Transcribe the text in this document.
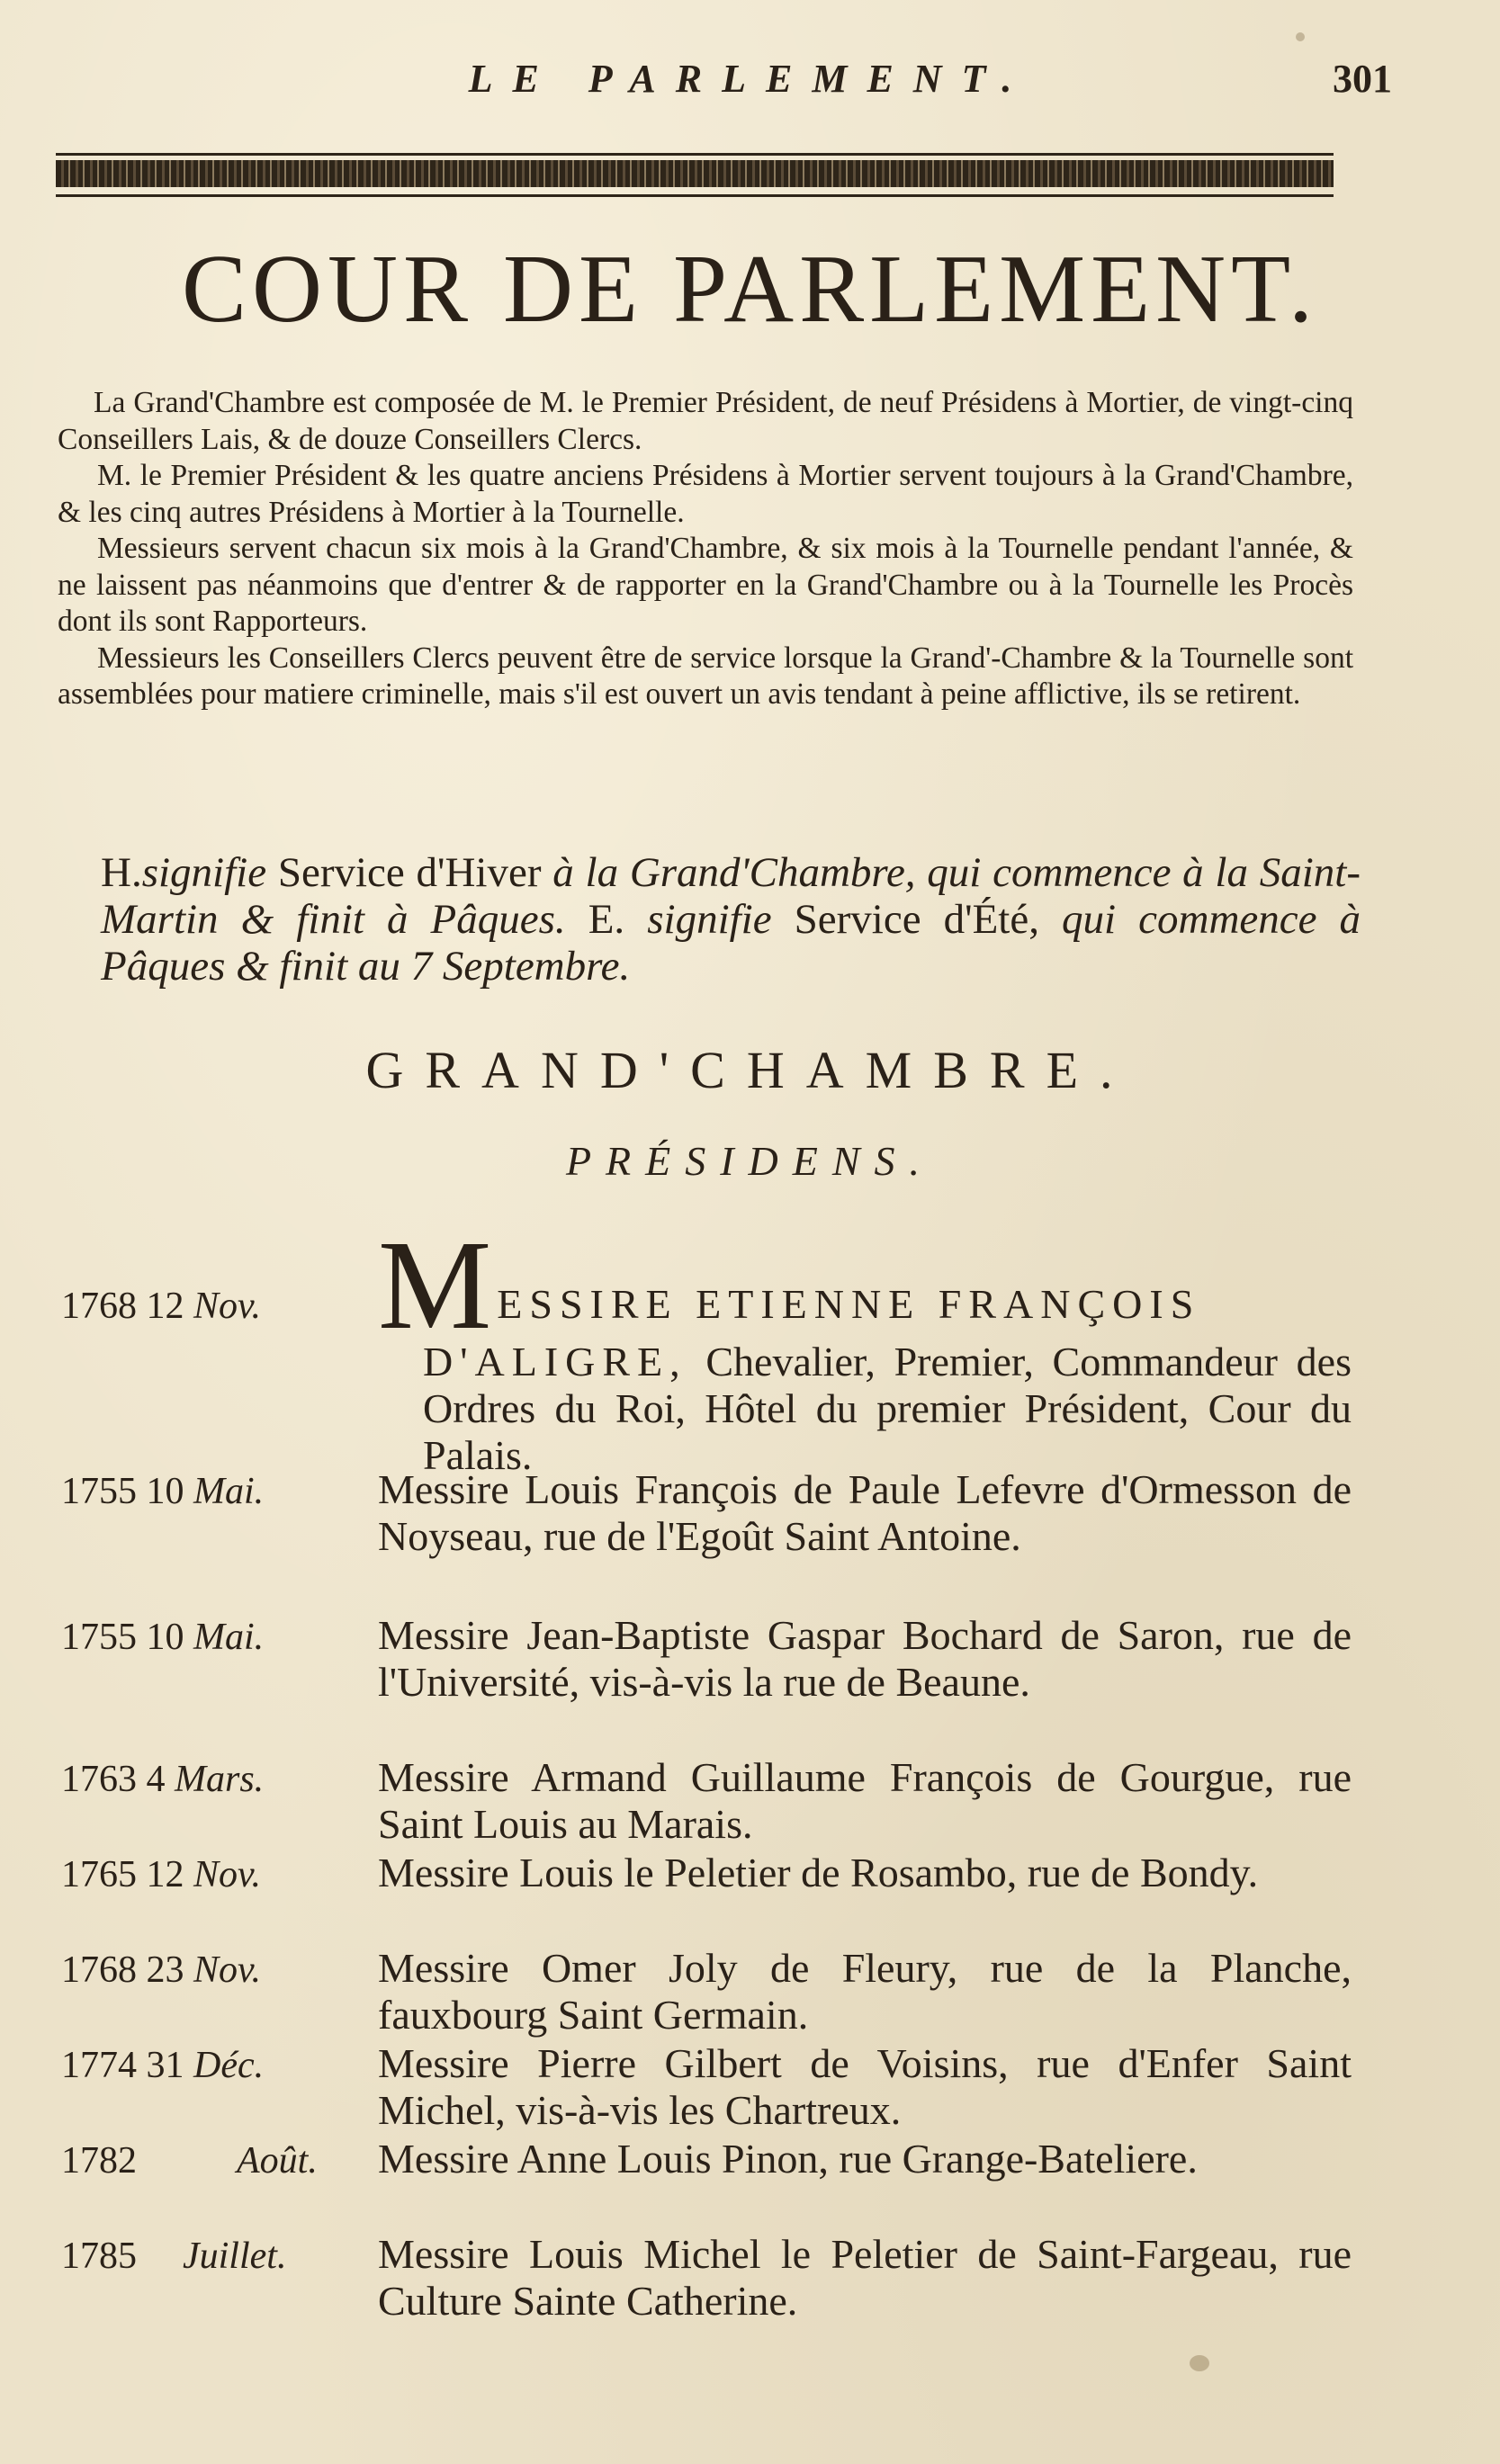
LE PARLEMENT.	301
COUR DE PARLEMENT.

La Grand'Chambre est composée de M. le Premier Président, de neuf Présidens à Mortier, de vingt-cinq Conseillers Lais, & de douze Conseillers Clercs.

M. le Premier Président & les quatre anciens Présidens à Mortier servent toujours à la Grand'Chambre, & les cinq autres Présidens à Mortier à la Tournelle.

Messieurs servent chacun six mois à la Grand'Chambre, & six mois à la Tournelle pendant l'année, & ne laissent pas néanmoins que d'entrer & de rapporter en la Grand'Chambre ou à la Tournelle les Procès dont ils sont Rapporteurs.

Messieurs les Conseillers Clercs peuvent être de service lorsque la Grand'-Chambre & la Tournelle sont assemblées pour matiere criminelle, mais s'il est ouvert un avis tendant à peine afflictive, ils se retirent.

H.signifie Service d'Hiver à la Grand'Chambre, qui commence à la Saint-Martin & finit à Pâques. E. signifie Service d'Été, qui commence à Pâques & finit au 7 Septembre.
GRAND'CHAMBRE.
PRÉSIDENS.
1768 12 Nov. M ESSIRE ETIENNE FRANÇOIS
D'ALIGRE, Chevalier, Premier, Commandeur des Ordres du Roi, Hôtel du premier Président, Cour du Palais.
1755 10 Mai.	Messire Louis François de Paule Lefevre d'Ormesson de Noyseau, rue de l'Egoût Saint Antoine.
1755 10 Mai.	Messire Jean-Baptiste Gaspar Bochard de Saron, rue de l'Université, vis-à-vis la rue de Beaune.
1763 4 Mars.	Messire Armand Guillaume François de Gourgue, rue Saint Louis au Marais.
1765 12 Nov.	Messire Louis le Peletier de Rosambo, rue de Bondy.
1768 23 Nov.	Messire Omer Joly de Fleury, rue de la Planche, fauxbourg Saint Germain.
1774 31 Déc.	Messire Pierre Gilbert de Voisins, rue d'Enfer Saint Michel, vis-à-vis les Chartreux.
1782	Août. Messire Anne Louis Pinon, rue Grange-Bateliere.
1785 Juillet. Messire Louis Michel le Peletier de Saint-Fargeau, rue Culture Sainte Catherine.
